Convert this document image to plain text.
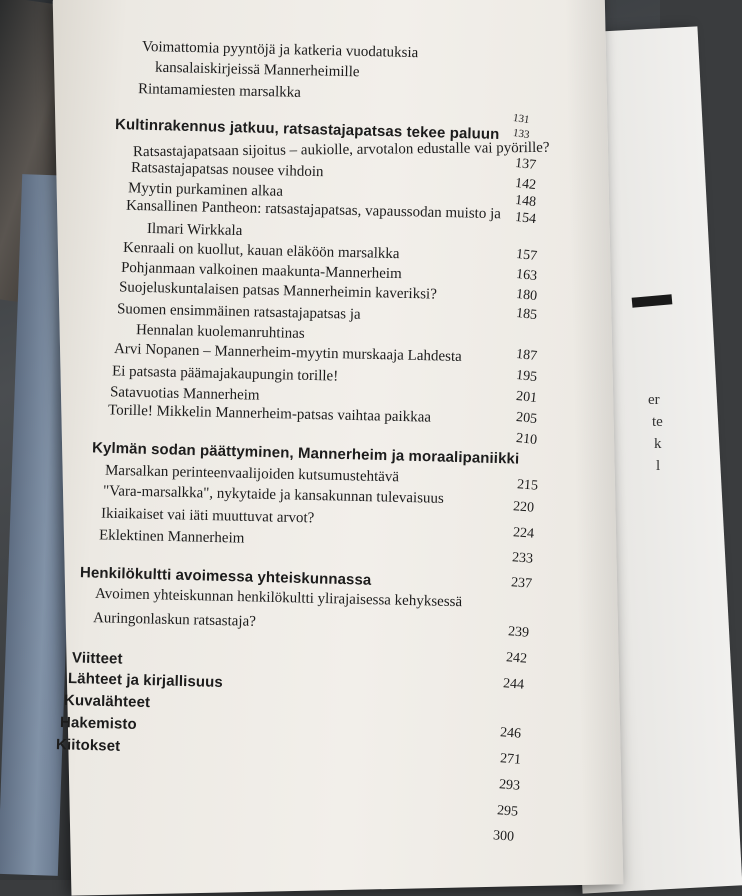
er
te
k
l
Voimattomia pyyntöjä ja katkeria vuodatuksia
kansalaiskirjeissä Mannerheimille
Rintamamiesten marsalkka
Kultinrakennus jatkuu, ratsastajapatsas tekee paluun
Ratsastajapatsaan sijoitus – aukiolle, arvotalon edustalle vai pyörille?
Ratsastajapatsas nousee vihdoin
Myytin purkaminen alkaa
Kansallinen Pantheon: ratsastajapatsas, vapaussodan muisto ja
Ilmari Wirkkala
Kenraali on kuollut, kauan eläköön marsalkka
Pohjanmaan valkoinen maakunta-Mannerheim
Suojeluskuntalaisen patsas Mannerheimin kaveriksi?
Suomen ensimmäinen ratsastajapatsas ja
Hennalan kuolemanruhtinas
Arvi Nopanen – Mannerheim-myytin murskaaja Lahdesta
Ei patsasta päämajakaupungin torille!
Satavuotias Mannerheim
Torille! Mikkelin Mannerheim-patsas vaihtaa paikkaa
Kylmän sodan päättyminen, Mannerheim ja moraalipaniikki
Marsalkan perinteenvaalijoiden kutsumustehtävä
"Vara-marsalkka", nykytaide ja kansakunnan tulevaisuus
Ikiaikaiset vai iäti muuttuvat arvot?
Eklektinen Mannerheim
Henkilökultti avoimessa yhteiskunnassa
Avoimen yhteiskunnan henkilökultti ylirajaisessa kehyksessä
Auringonlaskun ratsastaja?
Viitteet
Lähteet ja kirjallisuus
Kuvalähteet
Hakemisto
Kiitokset
131
133
137
142
148
154
157
163
180
185
187
195
201
205
210
215
220
224
233
237
239
242
244
246
271
293
295
300
